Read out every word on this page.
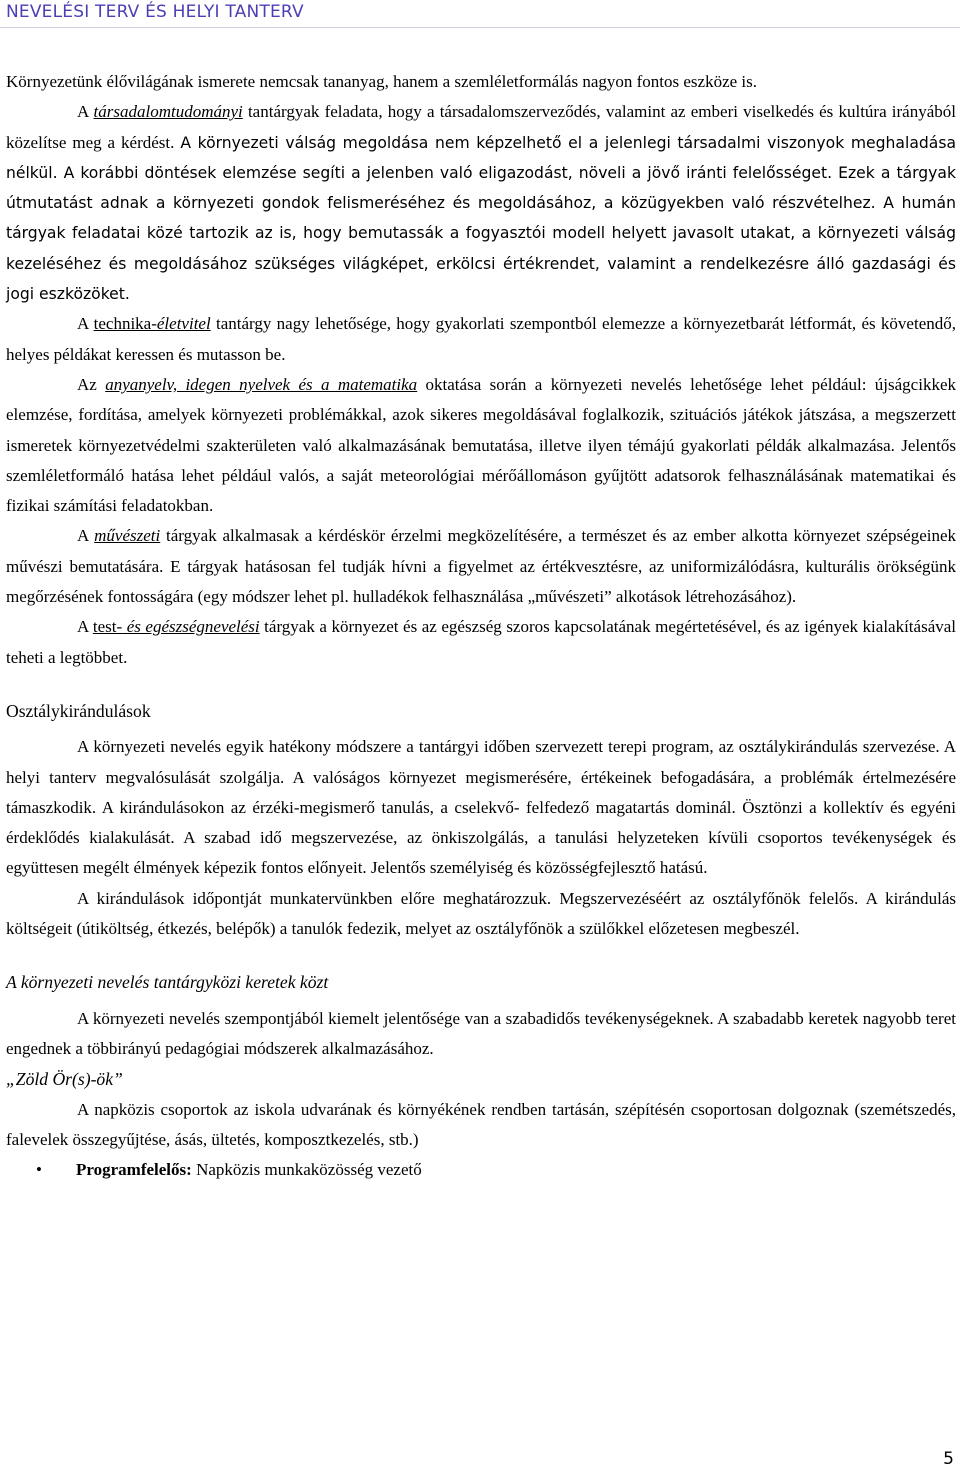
NEVELÉSI TERV ÉS HELYI TANTERV

Környezetünk élővilágának ismerete nemcsak tananyag, hanem a szemléletformálás nagyon fontos eszköze is.

A társadalomtudományi tantárgyak feladata, hogy a társadalomszerveződés, valamint az emberi viselkedés és kultúra irányából közelítse meg a kérdést. A környezeti válság megoldása nem képzelhető el a jelenlegi társadalmi viszonyok meghaladása nélkül. A korábbi döntések elemzése segíti a jelenben való eligazodást, növeli a jövő iránti felelősséget. Ezek a tárgyak útmutatást adnak a környezeti gondok felismeréséhez és megoldásához, a közügyekben való részvételhez. A humán tárgyak feladatai közé tartozik az is, hogy bemutassák a fogyasztói modell helyett javasolt utakat, a környezeti válság kezeléséhez és megoldásához szükséges világképet, erkölcsi értékrendet, valamint a rendelkezésre álló gazdasági és jogi eszközöket.

A technika-életvitel tantárgy nagy lehetősége, hogy gyakorlati szempontból elemezze a környezetbarát létformát, és követendő, helyes példákat keressen és mutasson be.

Az anyanyelv, idegen nyelvek és a matematika oktatása során a környezeti nevelés lehetősége lehet például: újságcikkek elemzése, fordítása, amelyek környezeti problémákkal, azok sikeres megoldásával foglalkozik, szituációs játékok játszása, a megszerzett ismeretek környezetvédelmi szakterületen való alkalmazásának bemutatása, illetve ilyen témájú gyakorlati példák alkalmazása. Jelentős szemléletformáló hatása lehet például valós, a saját meteorológiai mérőállomáson gyűjtött adatsorok felhasználásának matematikai és fizikai számítási feladatokban.

A művészeti tárgyak alkalmasak a kérdéskör érzelmi megközelítésére, a természet és az ember alkotta környezet szépségeinek művészi bemutatására. E tárgyak hatásosan fel tudják hívni a figyelmet az értékvesztésre, az uniformizálódásra, kulturális örökségünk megőrzésének fontosságára (egy módszer lehet pl. hulladékok felhasználása „művészeti” alkotások létrehozásához).

A test- és egészségnevelési tárgyak a környezet és az egészség szoros kapcsolatának megértetésével, és az igények kialakításával teheti a legtöbbet.

Osztálykirándulások

A környezeti nevelés egyik hatékony módszere a tantárgyi időben szervezett terepi program, az osztálykirándulás szervezése. A helyi tanterv megvalósulását szolgálja. A valóságos környezet megismerésére, értékeinek befogadására, a problémák értelmezésére támaszkodik. A kirándulásokon az érzéki-megismerő tanulás, a cselekvő- felfedező magatartás dominál. Ösztönzi a kollektív és egyéni érdeklődés kialakulását. A szabad idő megszervezése, az önkiszolgálás, a tanulási helyzeteken kívüli csoportos tevékenységek és együttesen megélt élmények képezik fontos előnyeit. Jelentős személyiség és közösségfejlesztő hatású.

A kirándulások időpontját munkatervünkben előre meghatározzuk. Megszervezéséért az osztályfőnök felelős. A kirándulás költségeit (útiköltség, étkezés, belépők) a tanulók fedezik, melyet az osztályfőnök a szülőkkel előzetesen megbeszél.

A környezeti nevelés tantárgyközi keretek közt

A környezeti nevelés szempontjából kiemelt jelentősége van a szabadidős tevékenységeknek. A szabadabb keretek nagyobb teret engednek a többirányú pedagógiai módszerek alkalmazásához.

„Zöld Ör(s)-ök”

A napközis csoportok az iskola udvarának és környékének rendben tartásán, szépítésén csoportosan dolgoznak (szemétszedés, falevelek összegyűjtése, ásás, ültetés, komposztkezelés, stb.)

• Programfelelős: Napközis munkaközösség vezető

5
